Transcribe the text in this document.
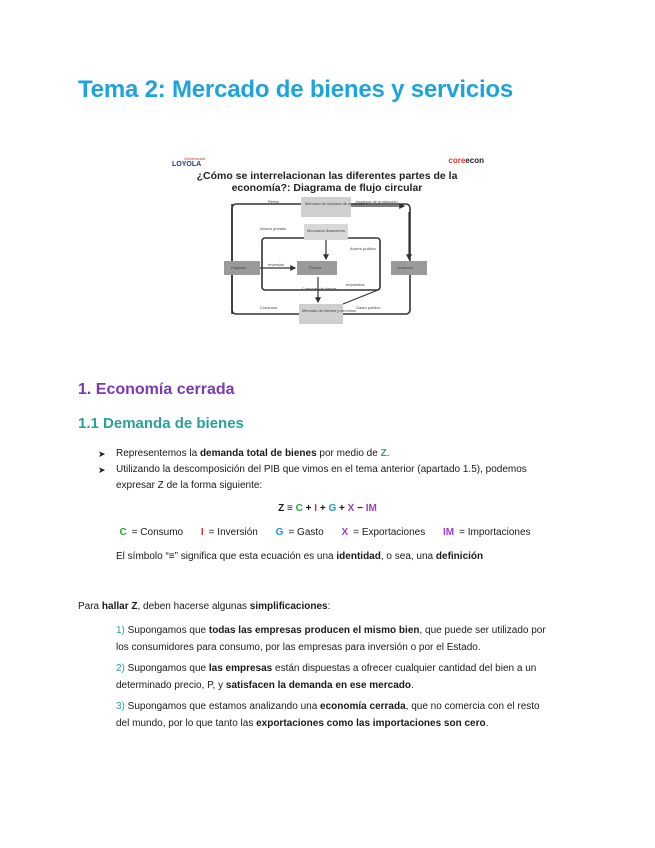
Tema 2: Mercado de bienes y servicios
Universidad
LOYOLA	coreecon
¿Cómo se interrelacionan las diferentes partes de la
economía?: Diagrama de flujo circular
Mercado de factores de producción
Mercados financieros
Hogares	Firmas	Gobierno
Mercado de bienes y servicios
Renta
Ahorro privado
Inversión
Ahorro público
Compras de bienes
Consumo
Ingresos de producción
Impuestos
Gasto público
1. Economía cerrada
1.1 Demanda de bienes
➤ Representemos la demanda total de bienes por medio de Z.
➤ Utilizando la descomposición del PIB que vimos en el tema anterior (apartado 1.5), podemos
expresar Z de la forma siguiente:
Z ≡ C + I + G + X − IM
C = Consumo I = Inversión G = Gasto X = Exportaciones IM = Importaciones
El símbolo “≡” significa que esta ecuación es una identidad, o sea, una definición
Para hallar Z, deben hacerse algunas simplificaciones:
1) Supongamos que todas las empresas producen el mismo bien, que puede ser utilizado por
los consumidores para consumo, por las empresas para inversión o por el Estado.
2) Supongamos que las empresas están dispuestas a ofrecer cualquier cantidad del bien a un
determinado precio, P, y satisfacen la demanda en ese mercado.
3) Supongamos que estamos analizando una economía cerrada, que no comercia con el resto
del mundo, por lo que tanto las exportaciones como las importaciones son cero.
